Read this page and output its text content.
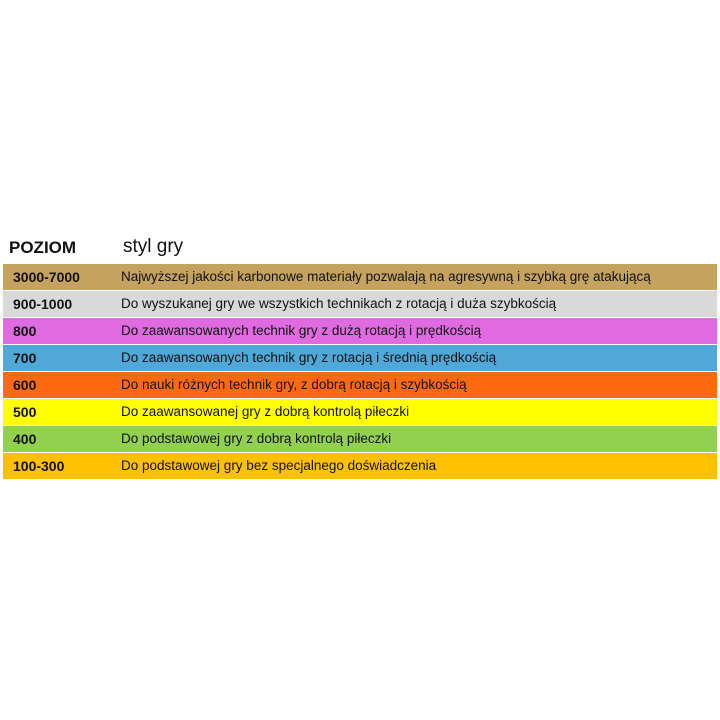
POZIOM styl gry
3000-7000	Najwyższej jakości karbonowe materiały pozwalają na agresywną i szybką grę atakującą
900-1000	Do wyszukanej gry we wszystkich technikach z rotacją i duża szybkością
800	Do zaawansowanych technik gry z dużą rotacją i prędkością
700	Do zaawansowanych technik gry z rotacją i średnią prędkością
600	Do nauki różnych technik gry, z dobrą rotacją i szybkością
500	Do zaawansowanej gry z dobrą kontrolą piłeczki
400	Do podstawowej gry z dobrą kontrolą piłeczki
100-300	Do podstawowej gry bez specjalnego doświadczenia
